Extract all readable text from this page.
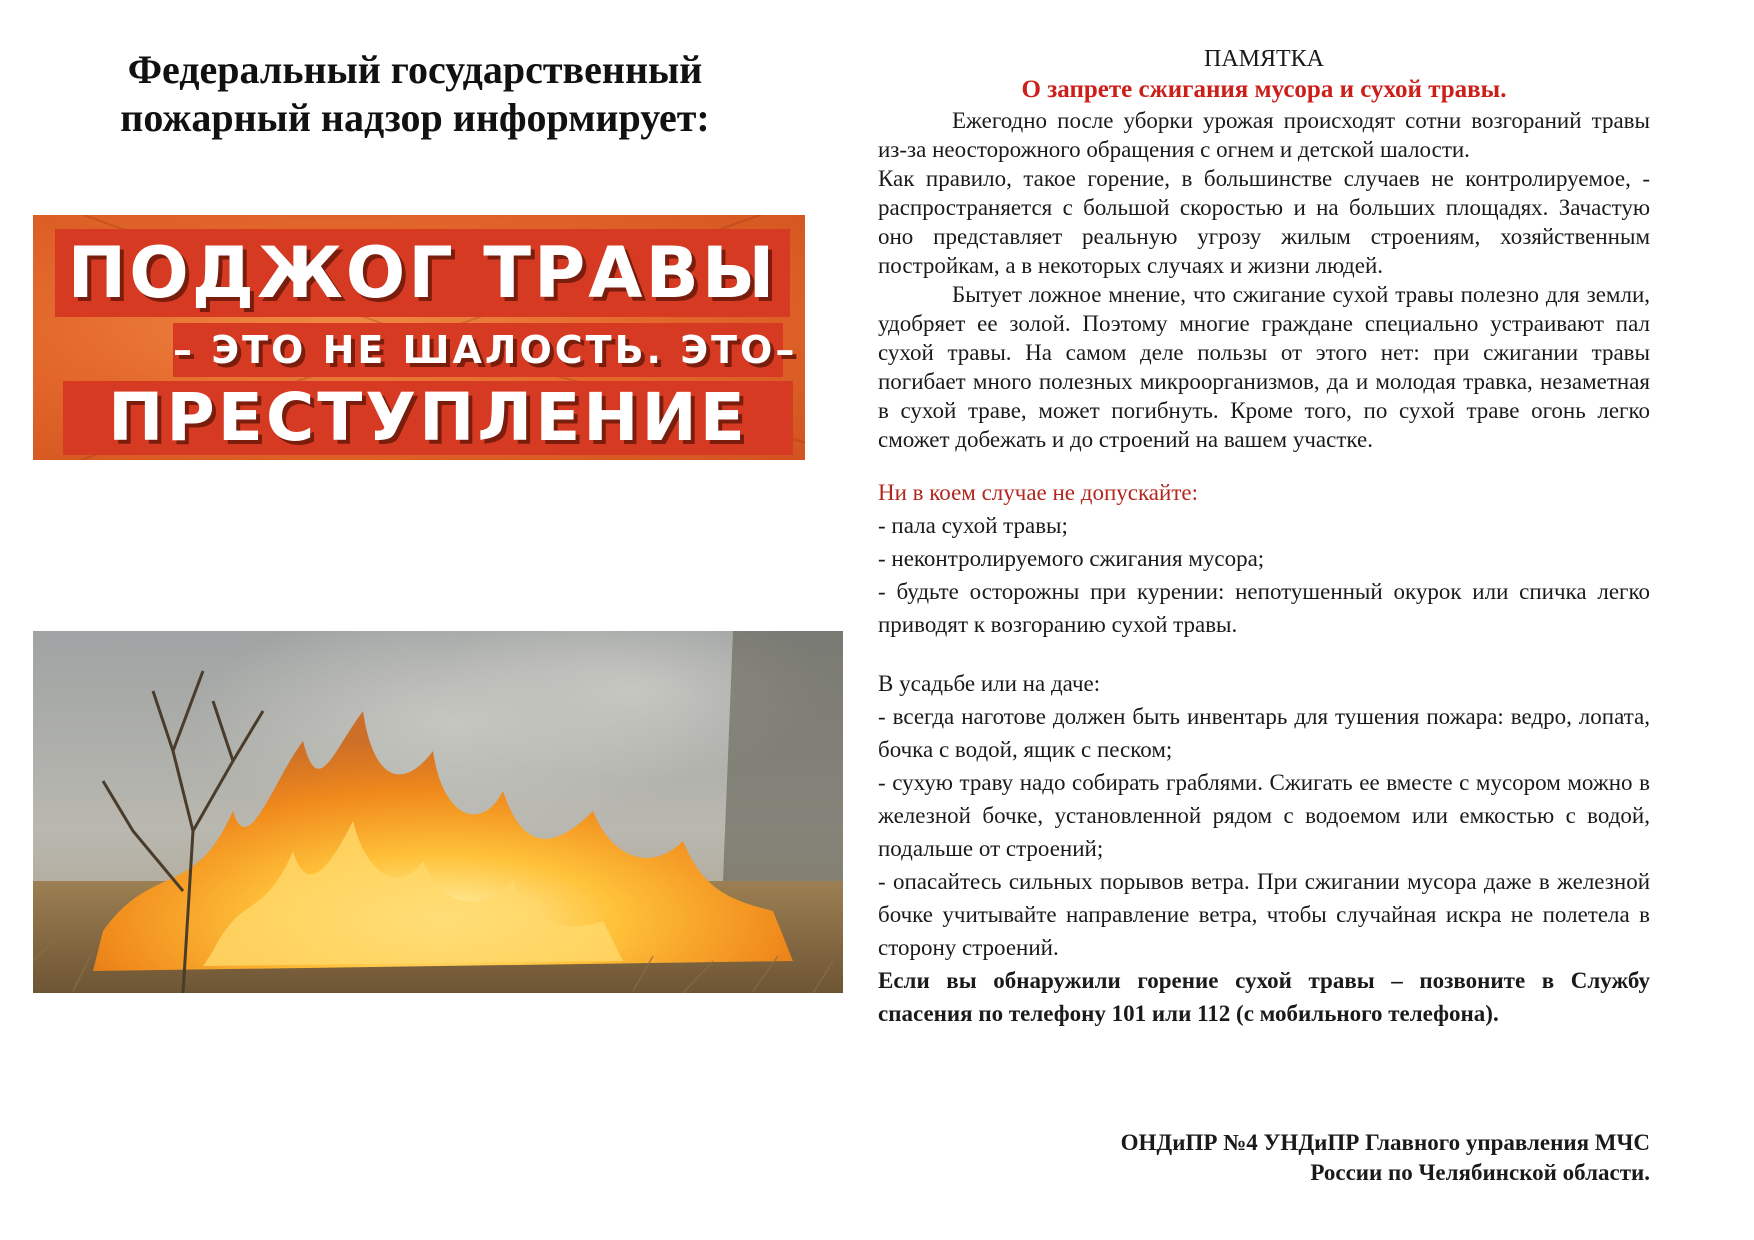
Федеральный государственный
пожарный надзор информирует:
ПОДЖОГ ТРАВЫ
– ЭТО НЕ ШАЛОСТЬ. ЭТО–
ПРЕСТУПЛЕНИЕ
ПАМЯТКА
О запрете сжигания мусора и сухой травы.

Ежегодно после уборки урожая происходят сотни возгораний травы из-за неосторожного обращения с огнем и детской шалости.

Как правило, такое горение, в большинстве случаев не контролируемое, - распространяется с большой скоростью и на больших площадях. Зачастую оно представляет реальную угрозу жилым строениям, хозяйственным постройкам, а в некоторых случаях и жизни людей.

Бытует ложное мнение, что сжигание сухой травы полезно для земли, удобряет ее золой. Поэтому многие граждане специально устраивают пал сухой травы. На самом деле пользы от этого нет: при сжигании травы погибает много полезных микроорганизмов, да и молодая травка, незаметная в сухой траве, может погибнуть. Кроме того, по сухой траве огонь легко сможет добежать и до строений на вашем участке.

Ни в коем случае не допускайте:
- пала сухой травы;
- неконтролируемого сжигания мусора;
- будьте осторожны при курении: непотушенный окурок или спичка легко приводят к возгоранию сухой травы.
В усадьбе или на даче:
- всегда наготове должен быть инвентарь для тушения пожара: ведро, лопата, бочка с водой, ящик с песком;
- сухую траву надо собирать граблями. Сжигать ее вместе с мусором можно в железной бочке, установленной рядом с водоемом или емкостью с водой, подальше от строений;
- опасайтесь сильных порывов ветра. При сжигании мусора даже в железной бочке учитывайте направление ветра, чтобы случайная искра не полетела в сторону строений.
Если вы обнаружили горение сухой травы – позвоните в Службу спасения по телефону 101 или 112 (с мобильного телефона).
ОНДиПР №4 УНДиПР Главного управления МЧС
России по Челябинской области.
